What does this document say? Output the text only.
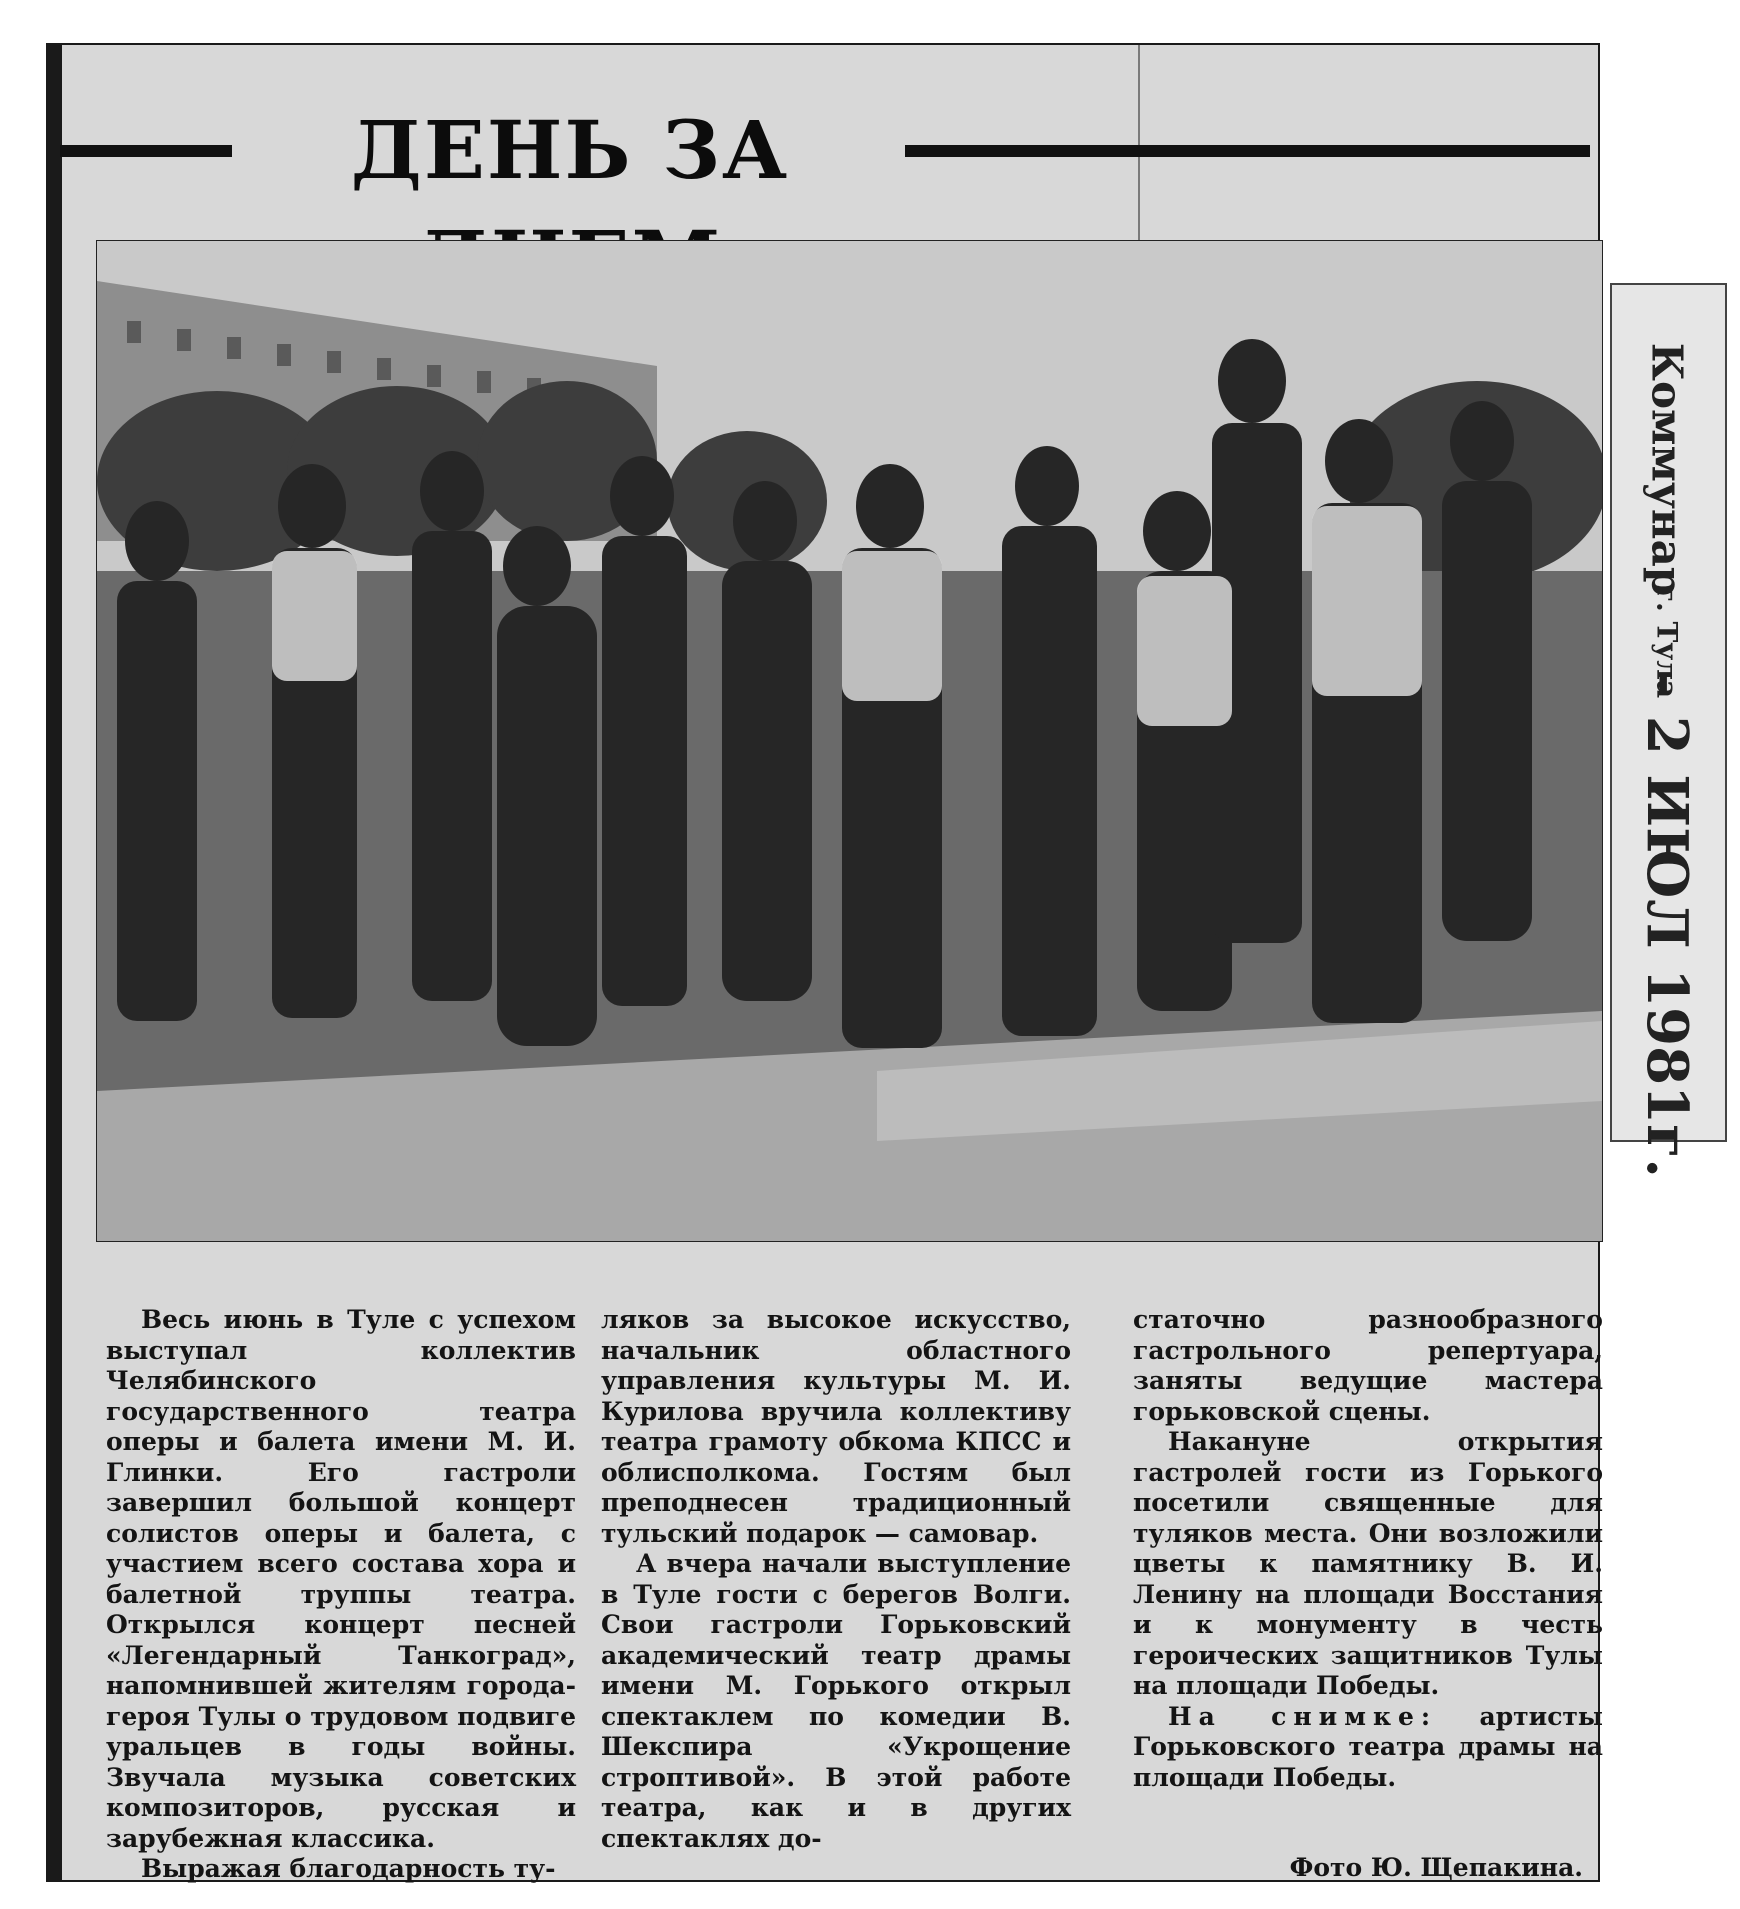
ДЕНЬ ЗА

Весь июнь в Туле с успехом выступал коллектив Челябинского государственного театра оперы и балета имени М. И. Глинки. Его гастроли завершил большой концерт солистов оперы и балета, с участием всего состава хора и балетной труппы театра. Открылся концерт песней «Легендарный Танкоград», напомнившей жителям города-героя Тулы о трудовом подвиге уральцев в годы войны. Звучала музыка советских композиторов, русская и зарубежная классика.

Выражая благодарность ту-

ляков за высокое искусство, начальник областного управления культуры М. И. Курилова вручила коллективу театра грамоту обкома КПСС и облисполкома. Гостям был преподнесен традиционный тульский подарок — самовар.

А вчера начали выступление в Туле гости с берегов Волги. Свои гастроли Горьковский академический театр драмы имени М. Горького открыл спектаклем по комедии В. Шекспира «Укрощение строптивой». В этой работе театра, как и в других спектаклях до-

статочно разнообразного гастрольного репертуара, заняты ведущие мастера горьковской сцены.

Накануне открытия гастролей гости из Горького посетили священные для туляков места. Они возложили цветы к памятнику В. И. Ленину на площади Восстания и к монументу в честь героических защитников Тулы на площади Победы.

На снимке: артисты Горьковского театра драмы на площади Победы.

Фото Ю. Щепакина.
Коммунар
г. Тула
- 2 ИЮЛ 1981г.
